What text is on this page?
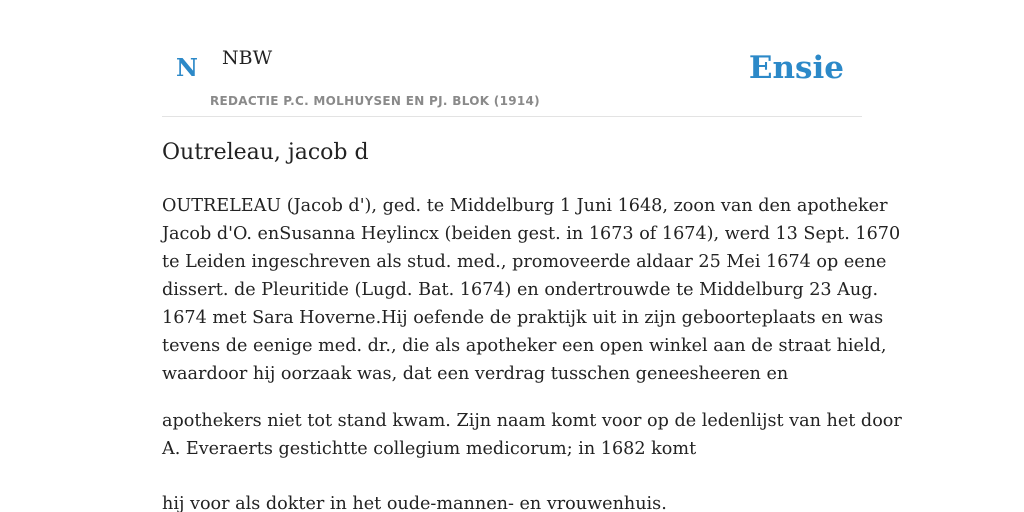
N NBW
REDACTIE P.C. MOLHUYSEN EN PJ. BLOK (1914)
Ensie
Outreleau, jacob d

OUTRELEAU (Jacob d'), ged. te Middelburg 1 Juni 1648, zoon van den apotheker
Jacob d'O. enSusanna Heylincx (beiden gest. in 1673 of 1674), werd 13 Sept. 1670
te Leiden ingeschreven als stud. med., promoveerde aldaar 25 Mei 1674 op eene
dissert. de Pleuritide (Lugd. Bat. 1674) en ondertrouwde te Middelburg 23 Aug.
1674 met Sara Hoverne.Hij oefende de praktijk uit in zijn geboorteplaats en was
tevens de eenige med. dr., die als apotheker een open winkel aan de straat hield,
waardoor hij oorzaak was, dat een verdrag tusschen geneesheeren en

apothekers niet tot stand kwam. Zijn naam komt voor op de ledenlijst van het door
A. Everaerts gestichtte collegium medicorum; in 1682 komt

hij voor als dokter in het oude-mannen- en vrouwenhuis.
